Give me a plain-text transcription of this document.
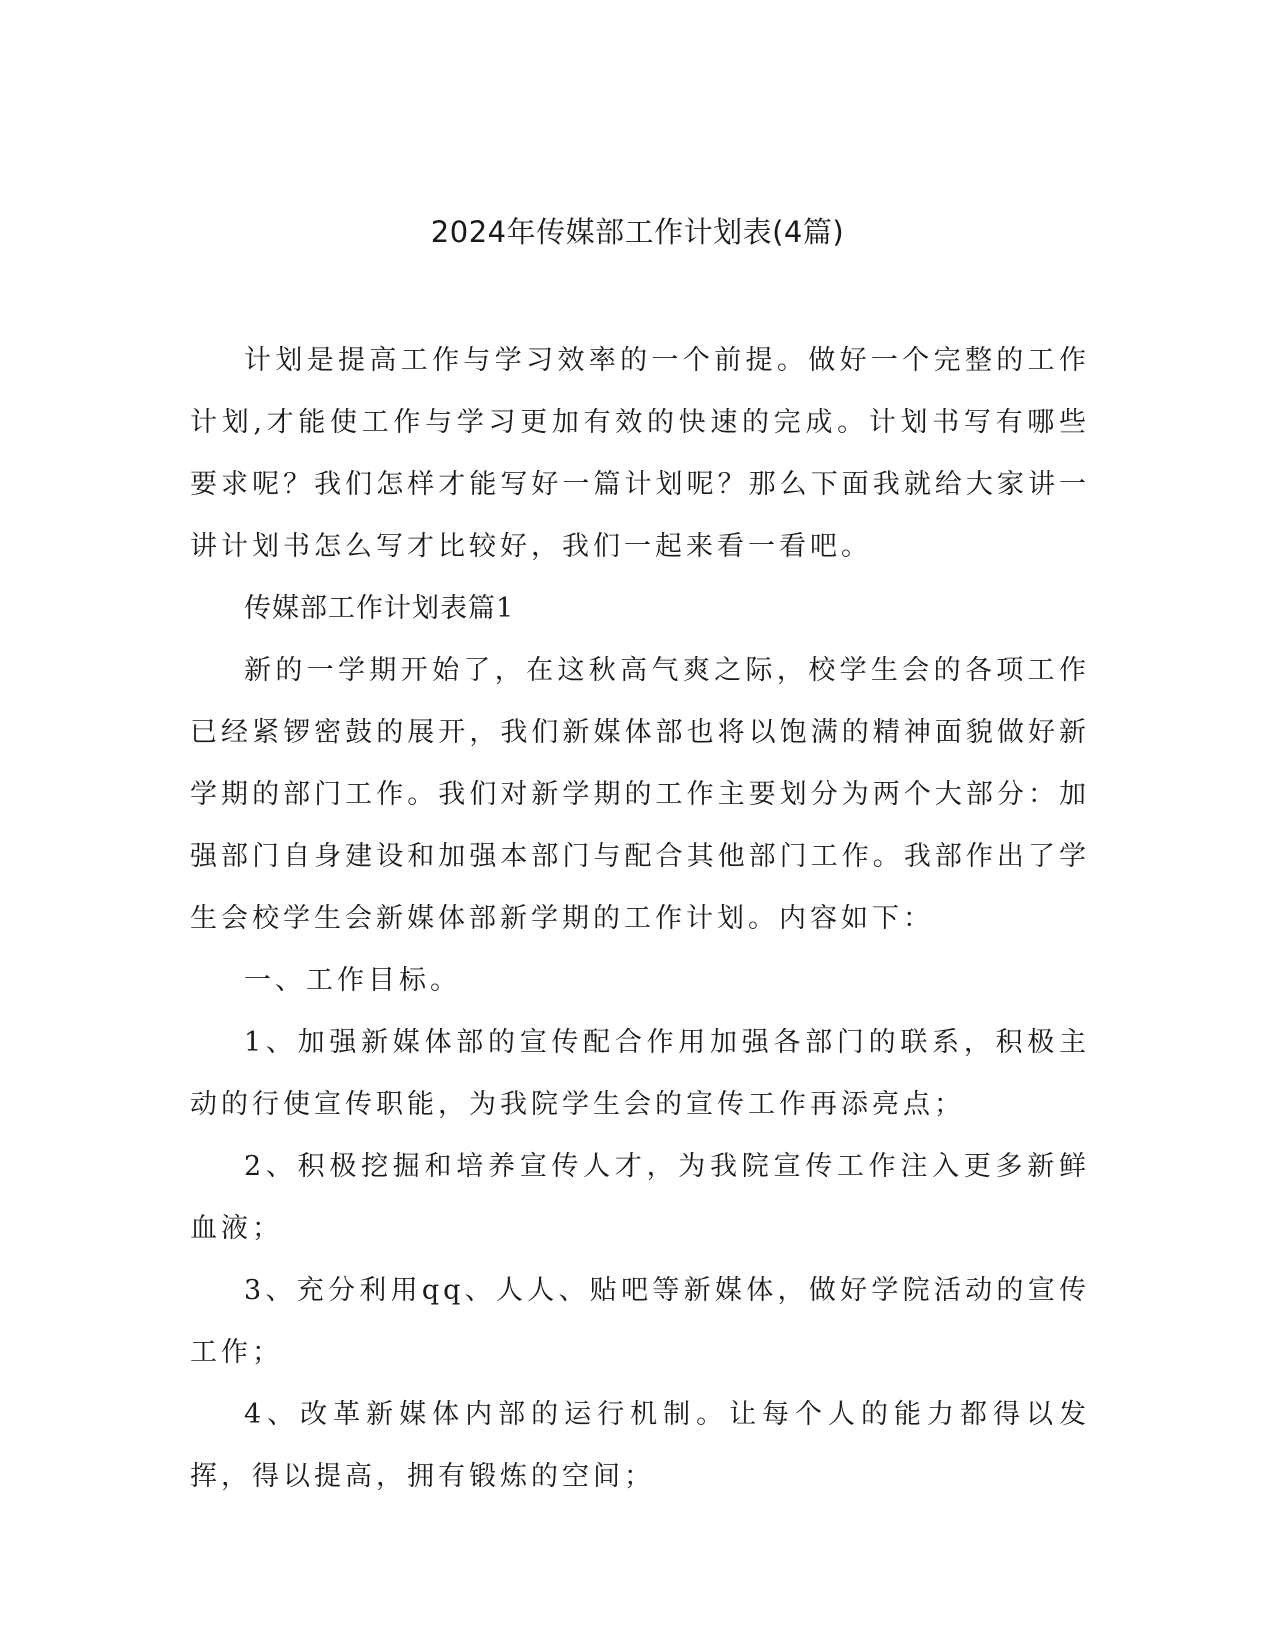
2024年传媒部工作计划表(4篇)

计划是提高工作与学习效率的一个前提。做好一个完整的工作计划,才能使工作与学习更加有效的快速的完成。计划书写有哪些要求呢？我们怎样才能写好一篇计划呢？那么下面我就给大家讲一讲计划书怎么写才比较好，我们一起来看一看吧。

传媒部工作计划表篇1

新的一学期开始了，在这秋高气爽之际，校学生会的各项工作已经紧锣密鼓的展开，我们新媒体部也将以饱满的精神面貌做好新学期的部门工作。我们对新学期的工作主要划分为两个大部分：加强部门自身建设和加强本部门与配合其他部门工作。我部作出了学生会校学生会新媒体部新学期的工作计划。内容如下：

一、工作目标。

1、加强新媒体部的宣传配合作用加强各部门的联系，积极主动的行使宣传职能，为我院学生会的宣传工作再添亮点；

2、积极挖掘和培养宣传人才，为我院宣传工作注入更多新鲜血液；

3、充分利用qq、人人、贴吧等新媒体，做好学院活动的宣传工作；

4、改革新媒体内部的运行机制。让每个人的能力都得以发挥，得以提高，拥有锻炼的空间；
